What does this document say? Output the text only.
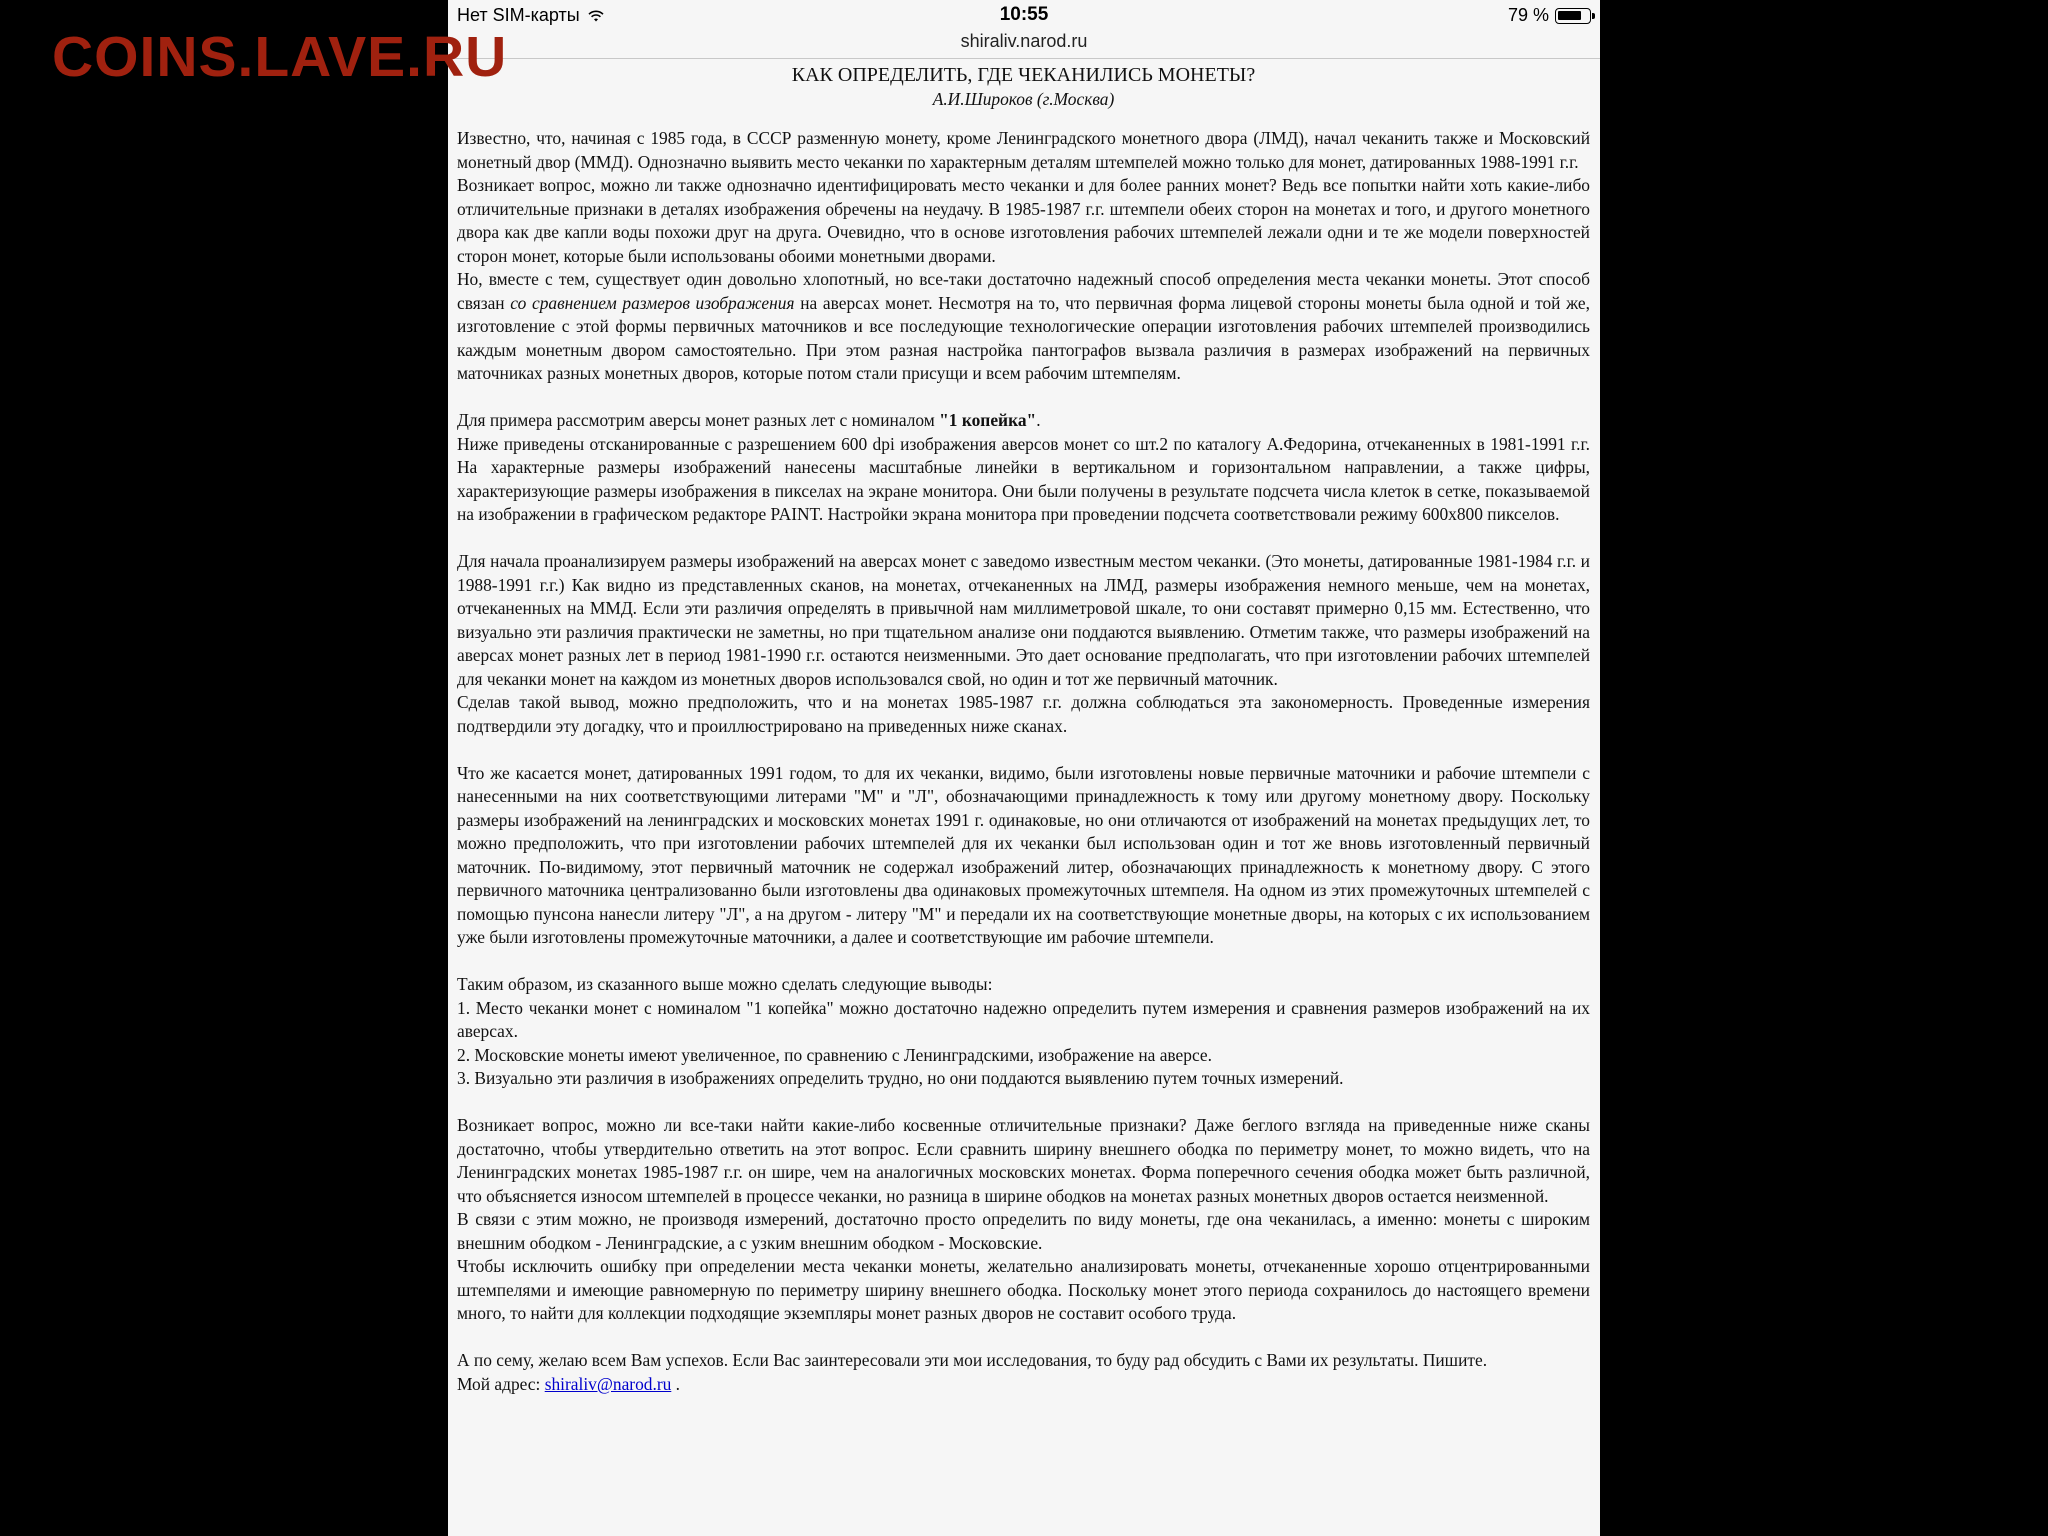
COINS.LAVE.RU
Нет SIM-карты	10:55	79 %
shiraliv.narod.ru
КАК ОПРЕДЕЛИТЬ, ГДЕ ЧЕКАНИЛИСЬ МОНЕТЫ?
А.И.Широков (г.Москва)

Известно, что, начиная с 1985 года, в СССР разменную монету, кроме Ленинградского монетного двора (ЛМД), начал чеканить также и Московский монетный двор (ММД). Однозначно выявить место чеканки по характерным деталям штемпелей можно только для монет, датированных 1988-1991 г.г.

Возникает вопрос, можно ли также однозначно идентифицировать место чеканки и для более ранних монет? Ведь все попытки найти хоть какие-либо отличительные признаки в деталях изображения обречены на неудачу. В 1985-1987 г.г. штемпели обеих сторон на монетах и того, и другого монетного двора как две капли воды похожи друг на друга. Очевидно, что в основе изготовления рабочих штемпелей лежали одни и те же модели поверхностей сторон монет, которые были использованы обоими монетными дворами.

Но, вместе с тем, существует один довольно хлопотный, но все-таки достаточно надежный способ определения места чеканки монеты. Этот способ связан со сравнением размеров изображения на аверсах монет. Несмотря на то, что первичная форма лицевой стороны монеты была одной и той же, изготовление с этой формы первичных маточников и все последующие технологические операции изготовления рабочих штемпелей производились каждым монетным двором самостоятельно. При этом разная настройка пантографов вызвала различия в размерах изображений на первичных маточниках разных монетных дворов, которые потом стали присущи и всем рабочим штемпелям.

Для примера рассмотрим аверсы монет разных лет с номиналом "1 копейка".

Ниже приведены отсканированные с разрешением 600 dpi изображения аверсов монет со шт.2 по каталогу А.Федорина, отчеканенных в 1981-1991 г.г. На характерные размеры изображений нанесены масштабные линейки в вертикальном и горизонтальном направлении, а также цифры, характеризующие размеры изображения в пикселах на экране монитора. Они были получены в результате подсчета числа клеток в сетке, показываемой на изображении в графическом редакторе PAINT. Настройки экрана монитора при проведении подсчета соответствовали режиму 600x800 пикселов.

Для начала проанализируем размеры изображений на аверсах монет с заведомо известным местом чеканки. (Это монеты, датированные 1981-1984 г.г. и 1988-1991 г.г.) Как видно из представленных сканов, на монетах, отчеканенных на ЛМД, размеры изображения немного меньше, чем на монетах, отчеканенных на ММД. Если эти различия определять в привычной нам миллиметровой шкале, то они составят примерно 0,15 мм. Естественно, что визуально эти различия практически не заметны, но при тщательном анализе они поддаются выявлению. Отметим также, что размеры изображений на аверсах монет разных лет в период 1981-1990 г.г. остаются неизменными. Это дает основание предполагать, что при изготовлении рабочих штемпелей для чеканки монет на каждом из монетных дворов использовался свой, но один и тот же первичный маточник.

Сделав такой вывод, можно предположить, что и на монетах 1985-1987 г.г. должна соблюдаться эта закономерность. Проведенные измерения подтвердили эту догадку, что и проиллюстрировано на приведенных ниже сканах.

Что же касается монет, датированных 1991 годом, то для их чеканки, видимо, были изготовлены новые первичные маточники и рабочие штемпели с нанесенными на них соответствующими литерами "М" и "Л", обозначающими принадлежность к тому или другому монетному двору. Поскольку размеры изображений на ленинградских и московских монетах 1991 г. одинаковые, но они отличаются от изображений на монетах предыдущих лет, то можно предположить, что при изготовлении рабочих штемпелей для их чеканки был использован один и тот же вновь изготовленный первичный маточник. По-видимому, этот первичный маточник не содержал изображений литер, обозначающих принадлежность к монетному двору. С этого первичного маточника централизованно были изготовлены два одинаковых промежуточных штемпеля. На одном из этих промежуточных штемпелей с помощью пунсона нанесли литеру "Л", а на другом - литеру "М" и передали их на соответствующие монетные дворы, на которых с их использованием уже были изготовлены промежуточные маточники, а далее и соответствующие им рабочие штемпели.

Таким образом, из сказанного выше можно сделать следующие выводы:

1. Место чеканки монет с номиналом "1 копейка" можно достаточно надежно определить путем измерения и сравнения размеров изображений на их аверсах.

2. Московские монеты имеют увеличенное, по сравнению с Ленинградскими, изображение на аверсе.

3. Визуально эти различия в изображениях определить трудно, но они поддаются выявлению путем точных измерений.

Возникает вопрос, можно ли все-таки найти какие-либо косвенные отличительные признаки? Даже беглого взгляда на приведенные ниже сканы достаточно, чтобы утвердительно ответить на этот вопрос. Если сравнить ширину внешнего ободка по периметру монет, то можно видеть, что на Ленинградских монетах 1985-1987 г.г. он шире, чем на аналогичных московских монетах. Форма поперечного сечения ободка может быть различной, что объясняется износом штемпелей в процессе чеканки, но разница в ширине ободков на монетах разных монетных дворов остается неизменной.

В связи с этим можно, не производя измерений, достаточно просто определить по виду монеты, где она чеканилась, а именно: монеты с широким внешним ободком - Ленинградские, а с узким внешним ободком - Московские.

Чтобы исключить ошибку при определении места чеканки монеты, желательно анализировать монеты, отчеканенные хорошо отцентрированными штемпелями и имеющие равномерную по периметру ширину внешнего ободка. Поскольку монет этого периода сохранилось до настоящего времени много, то найти для коллекции подходящие экземпляры монет разных дворов не составит особого труда.

А по сему, желаю всем Вам успехов. Если Вас заинтересовали эти мои исследования, то буду рад обсудить с Вами их результаты. Пишите.

Мой адрес: shiraliv@narod.ru .
